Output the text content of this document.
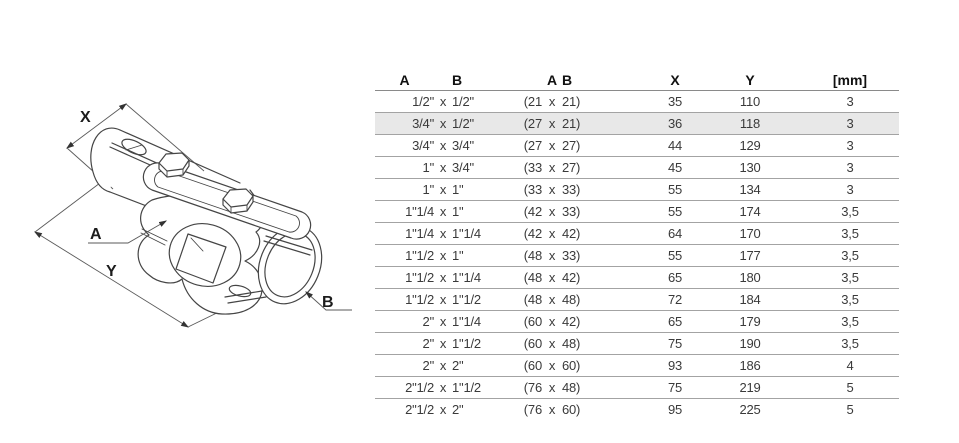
X
Y
A
B
A	B	A B	X	Y	[mm]
1/2" x 1/2"	(21 x 21)	35	110	3
3/4" x 1/2"	(27 x 21)	36	118	3
3/4" x 3/4"	(27 x 27)	44	129	3
1" x 3/4"	(33 x 27)	45	130	3
1" x 1"	(33 x 33)	55	134	3
1"1/4 x 1"	(42 x 33)	55	174	3,5
1"1/4 x 1"1/4	(42 x 42)	64	170	3,5
1"1/2 x 1"	(48 x 33)	55	177	3,5
1"1/2 x 1"1/4	(48 x 42)	65	180	3,5
1"1/2 x 1"1/2	(48 x 48)	72	184	3,5
2" x 1"1/4	(60 x 42)	65	179	3,5
2" x 1"1/2	(60 x 48)	75	190	3,5
2" x 2"	(60 x 60)	93	186	4
2"1/2 x 1"1/2	(76 x 48)	75	219	5
2"1/2 x 2"	(76 x 60)	95	225	5
